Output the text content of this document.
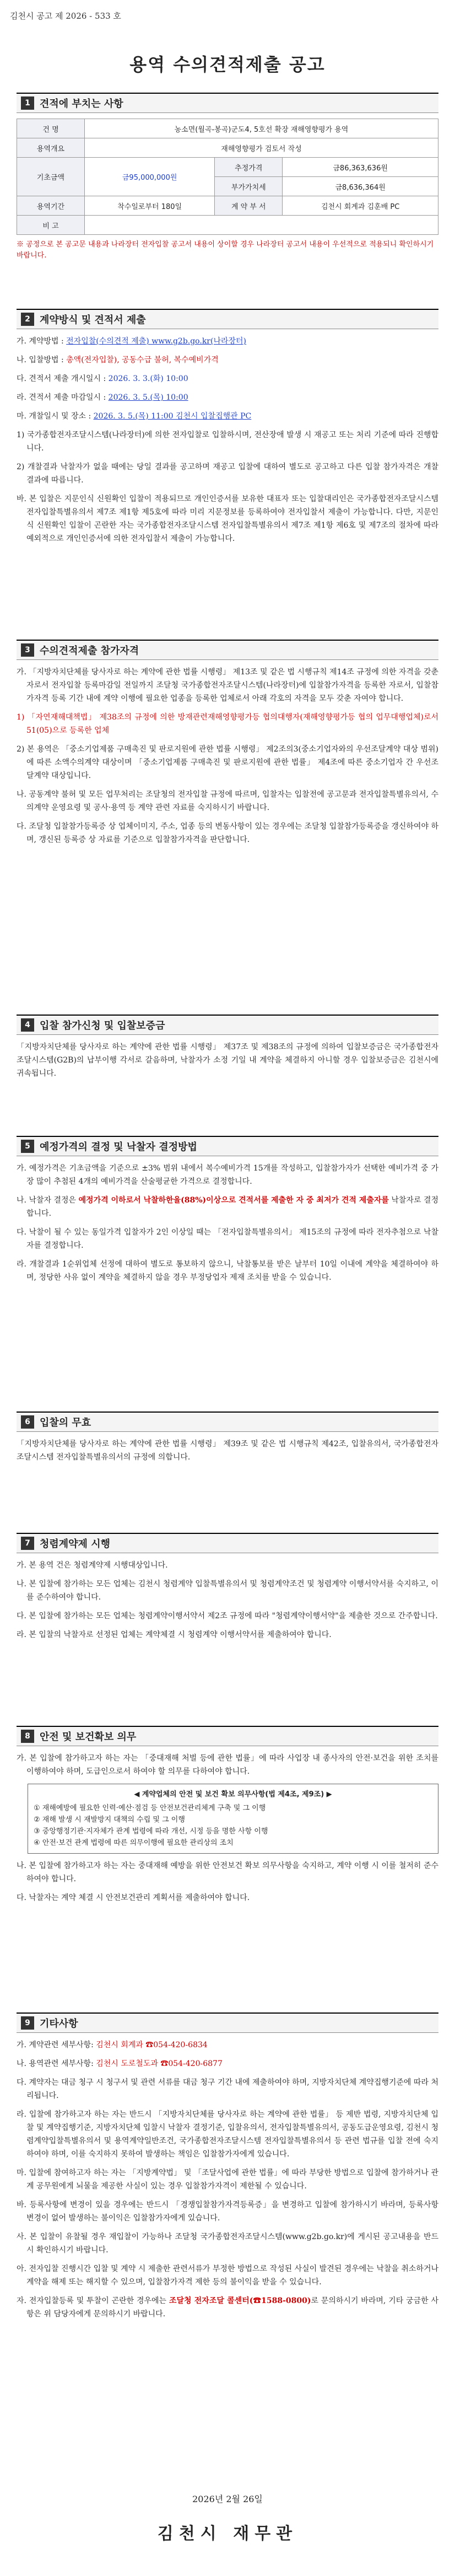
김천시 공고 제 2026 - 533 호
용역 수의견적제출 공고
1 견적에 부치는 사항
건 명	농소면(월곡-봉곡)군도4, 5호선 확장 재해영향평가 용역		
용역개요	재해영향평가 검토서 작성		
기초금액	금95,000,000원	추정가격	금86,363,636원
		부가가치세	금8,636,364원
용역기간	착수일로부터 180일	계 약 부 서	김천시 회계과 김훈배 PC
비 고			
※ 공정으로 본 공고문 내용과 나라장터 전자입찰 공고서 내용이 상이할 경우 나라장터 공고서 내용이 우선적으로 적용되니 확인하시기 바랍니다.
2 계약방식 및 견적서 제출

가. 계약방법 : 전자입찰(수의견적 제출) www.g2b.go.kr(나라장터)

나. 입찰방법 : 총액(전자입찰), 공동수급 불허, 복수예비가격

다. 견적서 제출 개시일시 : 2026. 3. 3.(화) 10:00

라. 견적서 제출 마감일시 : 2026. 3. 5.(목) 10:00

마. 개찰일시 및 장소 : 2026. 3. 5.(목) 11:00 김천시 입찰집행관 PC

1) 국가종합전자조달시스템(나라장터)에 의한 전자입찰로 입찰하시며, 전산장애 발생 시 재공고 또는 처리 기준에 따라 진행합니다.

2) 개찰결과 낙찰자가 없을 때에는 당일 결과를 공고하며 재공고 입찰에 대하여 별도로 공고하고 다른 입찰 참가자격은 개찰 결과에 따릅니다.

바. 본 입찰은 지문인식 신원확인 입찰이 적용되므로 개인인증서를 보유한 대표자 또는 입찰대리인은 국가종합전자조달시스템 전자입찰특별유의서 제7조 제1항 제5호에 따라 미리 지문정보를 등록하여야 전자입찰서 제출이 가능합니다. 다만, 지문인식 신원확인 입찰이 곤란한 자는 국가종합전자조달시스템 전자입찰특별유의서 제7조 제1항 제6호 및 제7조의 절차에 따라 예외적으로 개인인증서에 의한 전자입찰서 제출이 가능합니다.

3 수의견적제출 참가자격

가. 「지방자치단체를 당사자로 하는 계약에 관한 법률 시행령」 제13조 및 같은 법 시행규칙 제14조 규정에 의한 자격을 갖춘 자로서 전자입찰 등록마감일 전일까지 조달청 국가종합전자조달시스템(나라장터)에 입찰참가자격을 등록한 자로서, 입찰참가자격 등록 기간 내에 계약 이행에 필요한 업종을 등록한 업체로서 아래 각호의 자격을 모두 갖춘 자여야 합니다.

1) 「자연재해대책법」 제38조의 규정에 의한 방재관련재해영향평가등 협의대행자(재해영향평가등 협의 업무대행업체)로서 51(05)으로 등록한 업체

2) 본 용역은 「중소기업제품 구매촉진 및 판로지원에 관한 법률 시행령」 제2조의3(중소기업자와의 우선조달계약 대상 범위)에 따른 소액수의계약 대상이며 「중소기업제품 구매촉진 및 판로지원에 관한 법률」 제4조에 따른 중소기업자 간 우선조달계약 대상입니다.

나. 공동계약 불허 및 모든 업무처리는 조달청의 전자입찰 규정에 따르며, 입찰자는 입찰전에 공고문과 전자입찰특별유의서, 수의계약 운영요령 및 공사·용역 등 계약 관련 자료를 숙지하시기 바랍니다.

다. 조달청 입찰참가등록증 상 업체이미지, 주소, 업종 등의 변동사항이 있는 경우에는 조달청 입찰참가등록증을 갱신하여야 하며, 갱신된 등록증 상 자료를 기준으로 입찰참가자격을 판단합니다.

4 입찰 참가신청 및 입찰보증금

「지방자치단체를 당사자로 하는 계약에 관한 법률 시행령」 제37조 및 제38조의 규정에 의하여 입찰보증금은 국가종합전자조달시스템(G2B)의 납부이행 각서로 갈음하며, 낙찰자가 소정 기일 내 계약을 체결하지 아니할 경우 입찰보증금은 김천시에 귀속됩니다.

5 예정가격의 결정 및 낙찰자 결정방법

가. 예정가격은 기초금액을 기준으로 ±3% 범위 내에서 복수예비가격 15개를 작성하고, 입찰참가자가 선택한 예비가격 중 가장 많이 추첨된 4개의 예비가격을 산술평균한 가격으로 결정합니다.

나. 낙찰자 결정은 예정가격 이하로서 낙찰하한율(88%)이상으로 견적서를 제출한 자 중 최저가 견적 제출자를 낙찰자로 결정합니다.

다. 낙찰이 될 수 있는 동일가격 입찰자가 2인 이상일 때는 「전자입찰특별유의서」 제15조의 규정에 따라 전자추첨으로 낙찰자를 결정합니다.

라. 개찰결과 1순위업체 선정에 대하여 별도로 통보하지 않으니, 낙찰통보를 받은 날부터 10일 이내에 계약을 체결하여야 하며, 정당한 사유 없이 계약을 체결하지 않을 경우 부정당업자 제재 조치를 받을 수 있습니다.

6 입찰의 무효

「지방자치단체를 당사자로 하는 계약에 관한 법률 시행령」 제39조 및 같은 법 시행규칙 제42조, 입찰유의서, 국가종합전자조달시스템 전자입찰특별유의서의 규정에 의합니다.

7 청렴계약제 시행

가. 본 용역 건은 청렴계약제 시행대상입니다.

나. 본 입찰에 참가하는 모든 업체는 김천시 청렴계약 입찰특별유의서 및 청렴계약조건 및 청렴계약 이행서약서를 숙지하고, 이를 준수하여야 합니다.

다. 본 입찰에 참가하는 모든 업체는 청렴계약이행서약서 제2조 규정에 따라 "청렴계약이행서약"을 제출한 것으로 간주합니다.

라. 본 입찰의 낙찰자로 선정된 업체는 계약체결 시 청렴계약 이행서약서를 제출하여야 합니다.

8 안전 및 보건확보 의무

가. 본 입찰에 참가하고자 하는 자는 「중대재해 처벌 등에 관한 법률」에 따라 사업장 내 종사자의 안전·보건을 위한 조치를 이행하여야 하며, 도급인으로서 하여야 할 의무를 다하여야 합니다.

◀ 계약업체의 안전 및 보건 확보 의무사항(법 제4조, 제9조) ▶
① 재해예방에 필요한 인력·예산·점검 등 안전보건관리체계 구축 및 그 이행
② 재해 발생 시 재발방지 대책의 수립 및 그 이행
③ 중앙행정기관·지자체가 관계 법령에 따라 개선, 시정 등을 명한 사항 이행
④ 안전·보건 관계 법령에 따른 의무이행에 필요한 관리상의 조치

나. 본 입찰에 참가하고자 하는 자는 중대재해 예방을 위한 안전보건 확보 의무사항을 숙지하고, 계약 이행 시 이를 철저히 준수하여야 합니다.

다. 낙찰자는 계약 체결 시 안전보건관리 계획서를 제출하여야 합니다.

9 기타사항

가. 계약관련 세부사항: 김천시 회계과 ☎054-420-6834

나. 용역관련 세부사항: 김천시 도로철도과 ☎054-420-6877

다. 계약자는 대금 청구 시 청구서 및 관련 서류를 대금 청구 기간 내에 제출하여야 하며, 지방자치단체 계약집행기준에 따라 처리됩니다.

라. 입찰에 참가하고자 하는 자는 반드시 「지방자치단체를 당사자로 하는 계약에 관한 법률」 등 제반 법령, 지방자치단체 입찰 및 계약집행기준, 지방자치단체 입찰시 낙찰자 결정기준, 입찰유의서, 전자입찰특별유의서, 공동도급운영요령, 김천시 청렴계약입찰특별유의서 및 용역계약일반조건, 국가종합전자조달시스템 전자입찰특별유의서 등 관련 법규를 입찰 전에 숙지하여야 하며, 이를 숙지하지 못하여 발생하는 책임은 입찰참가자에게 있습니다.

마. 입찰에 참여하고자 하는 자는 「지방계약법」 및 「조달사업에 관한 법률」에 따라 부당한 방법으로 입찰에 참가하거나 관계 공무원에게 뇌물을 제공한 사실이 있는 경우 입찰참가자격이 제한될 수 있습니다.

바. 등록사항에 변경이 있을 경우에는 반드시 「경쟁입찰참가자격등록증」을 변경하고 입찰에 참가하시기 바라며, 등록사항 변경이 없어 발생하는 불이익은 입찰참가자에게 있습니다.

사. 본 입찰이 유찰될 경우 재입찰이 가능하나 조달청 국가종합전자조달시스템(www.g2b.go.kr)에 게시된 공고내용을 반드시 확인하시기 바랍니다.

아. 전자입찰 진행시간 입찰 및 계약 시 제출한 관련서류가 부정한 방법으로 작성된 사실이 발견된 경우에는 낙찰을 취소하거나 계약을 해제 또는 해지할 수 있으며, 입찰참가자격 제한 등의 불이익을 받을 수 있습니다.

자. 전자입찰등록 및 투찰이 곤란한 경우에는 조달청 전자조달 콜센터(☎1588-0800)로 문의하시기 바라며, 기타 궁금한 사항은 위 담당자에게 문의하시기 바랍니다.

2026년 2월 26일
김천시 재무관
